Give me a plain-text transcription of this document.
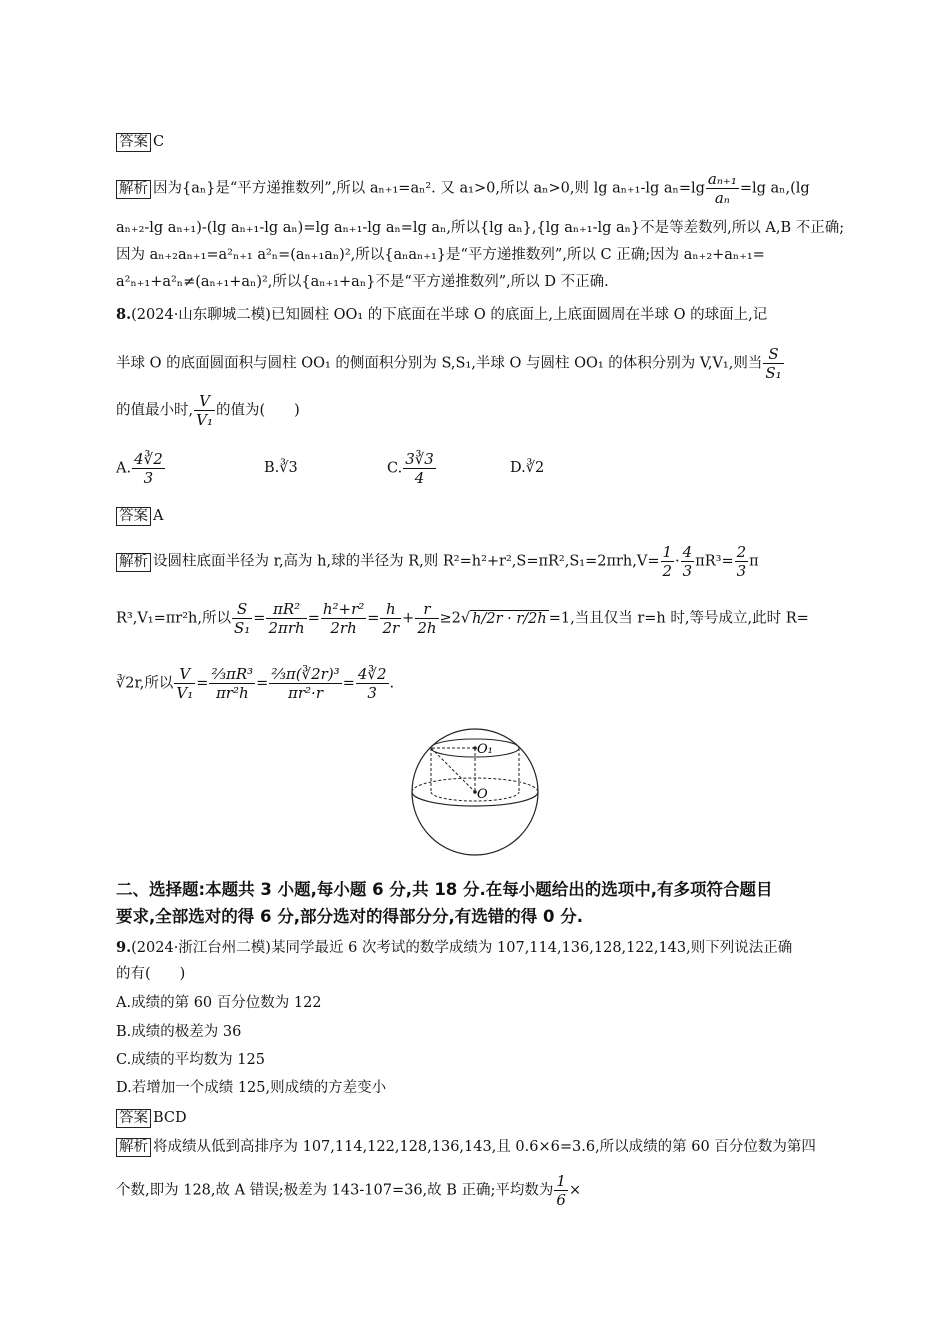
答案 C
解析 因为{aₙ}是“平方递推数列”,所以 aₙ₊₁=aₙ². 又 a₁>0,所以 aₙ>0,则 lg aₙ₊₁-lg $a_n=\lg \frac{\text{aₙ₊₁}}{\text{aₙ}} =\lg$ aₙ,(lg
aₙ₊₂-lg aₙ₊₁)-(lg aₙ₊₁-lg aₙ)=lg aₙ₊₁-lg aₙ=lg aₙ,所以{lg aₙ},{lg aₙ₊₁-lg aₙ}不是等差数列,所以 A,B 不正确;
因为 aₙ₊₂aₙ₊₁=a²ₙ₊₁ a²ₙ=(aₙ₊₁aₙ)²,所以{aₙaₙ₊₁}是“平方递推数列”,所以 C 正确;因为 aₙ₊₂+aₙ₊₁=
a²ₙ₊₁+a²ₙ≠(aₙ₊₁+aₙ)²,所以{aₙ₊₁+aₙ}不是“平方递推数列”,所以 D 不正确.
8.(2024·山东聊城二模)已知圆柱 OO₁ 的下底面在半球 O 的底面上,上底面圆周在半球 O 的球面上,记
半球 O 的底面圆面积与圆柱 OO₁ 的侧面积分别为 S,S₁,半球 O 与圆柱 OO₁ 的体积分别为 V,V₁,则当 $\frac{S}{\text{S₁}}$
的值最小时, $\frac{V}{\text{V₁}}$ 的值为(　　)
A. $\frac{4∛2}{3}$	B.∛3	C. $\frac{3∛3}{4}$	D.∛2
答案 A
解析 设圆柱底面半径为 r,高为 h,球的半径为 R,则 $R^2=h^2+r^2,S=\pi R^2,S_1=2\pi rh,V= \frac{1}{2} \cdot \frac{4}{3} \pi R^3= \frac{2}{3}$ π
R³,V₁=πr²h,所以 $\frac{S}{\text{S₁}} = \frac{\text{πR²}}{\text{2πrh}} = \frac{\text{h²+r²}}{2rh} = \frac{h}{2r} + \frac{r}{2h} \ge 2√$ h/2r · r/2h =1,当且仅当 r=h 时,等号成立,此时 R=
∛2r,所以 $\frac{V}{\text{V₁}} = \frac{\text{⅔πR³}}{\text{πr²h}} = \frac{\text{⅔π(∛2r)³}}{\text{πr²·r}} = \frac{4∛2}{3}$ .
O₁
O
二、选择题:本题共 3 小题,每小题 6 分,共 18 分.在每小题给出的选项中,有多项符合题目
要求,全部选对的得 6 分,部分选对的得部分分,有选错的得 0 分.
9.(2024·浙江台州二模)某同学最近 6 次考试的数学成绩为 107,114,136,128,122,143,则下列说法正确
的有(　　)
A.成绩的第 60 百分位数为 122
B.成绩的极差为 36
C.成绩的平均数为 125
D.若增加一个成绩 125,则成绩的方差变小
答案 BCD
解析 将成绩从低到高排序为 107,114,122,128,136,143,且 0.6×6=3.6,所以成绩的第 60 百分位数为第四
个数,即为 128,故 A 错误;极差为 143-107=36,故 B 正确;平均数为 $\frac{1}{6}$ ×
